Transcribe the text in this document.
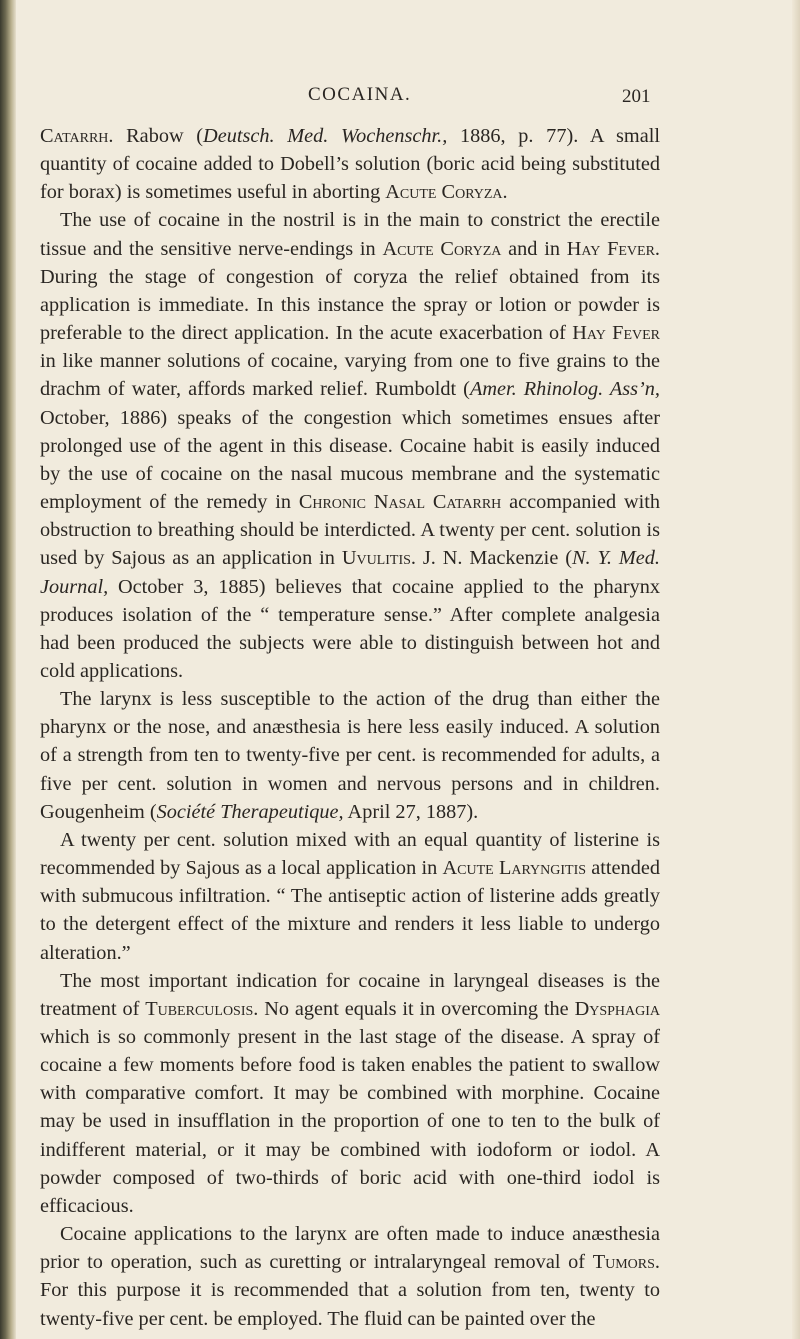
COCAINA.	201

Catarrh. Rabow (Deutsch. Med. Wochenschr., 1886, p. 77). A small quantity of cocaine added to Dobell’s solution (boric acid being substituted for borax) is sometimes useful in aborting Acute Coryza.

The use of cocaine in the nostril is in the main to constrict the erectile tissue and the sensitive nerve-endings in Acute Coryza and in Hay Fever. During the stage of congestion of coryza the relief obtained from its application is immediate. In this instance the spray or lotion or powder is preferable to the direct application. In the acute exacerbation of Hay Fever in like manner solutions of cocaine, varying from one to five grains to the drachm of water, affords marked relief. Rumboldt (Amer. Rhinolog. Ass’n, October, 1886) speaks of the congestion which sometimes ensues after prolonged use of the agent in this disease. Cocaine habit is easily induced by the use of cocaine on the nasal mucous membrane and the systematic employment of the remedy in Chronic Nasal Catarrh accompanied with obstruction to breathing should be interdicted. A twenty per cent. solution is used by Sajous as an application in Uvulitis. J. N. Mackenzie (N. Y. Med. Journal, October 3, 1885) believes that cocaine applied to the pharynx produces isolation of the “ temperature sense.” After complete analgesia had been produced the subjects were able to distinguish between hot and cold applications.

The larynx is less susceptible to the action of the drug than either the pharynx or the nose, and anæsthesia is here less easily induced. A solution of a strength from ten to twenty-five per cent. is recommended for adults, a five per cent. solution in women and nervous persons and in children. Gougenheim (Société Therapeutique, April 27, 1887).

A twenty per cent. solution mixed with an equal quantity of listerine is recommended by Sajous as a local application in Acute Laryngitis attended with submucous infiltration. “ The antiseptic action of listerine adds greatly to the detergent effect of the mixture and renders it less liable to undergo alteration.”

The most important indication for cocaine in laryngeal diseases is the treatment of Tuberculosis. No agent equals it in overcoming the Dysphagia which is so commonly present in the last stage of the disease. A spray of cocaine a few moments before food is taken enables the patient to swallow with comparative comfort. It may be combined with morphine. Cocaine may be used in insufflation in the proportion of one to ten to the bulk of indifferent material, or it may be combined with iodoform or iodol. A powder composed of two-thirds of boric acid with one-third iodol is efficacious.

Cocaine applications to the larynx are often made to induce anæsthesia prior to operation, such as curetting or intralaryngeal removal of Tumors. For this purpose it is recommended that a solution from ten, twenty to twenty-five per cent. be employed. The fluid can be painted over the
